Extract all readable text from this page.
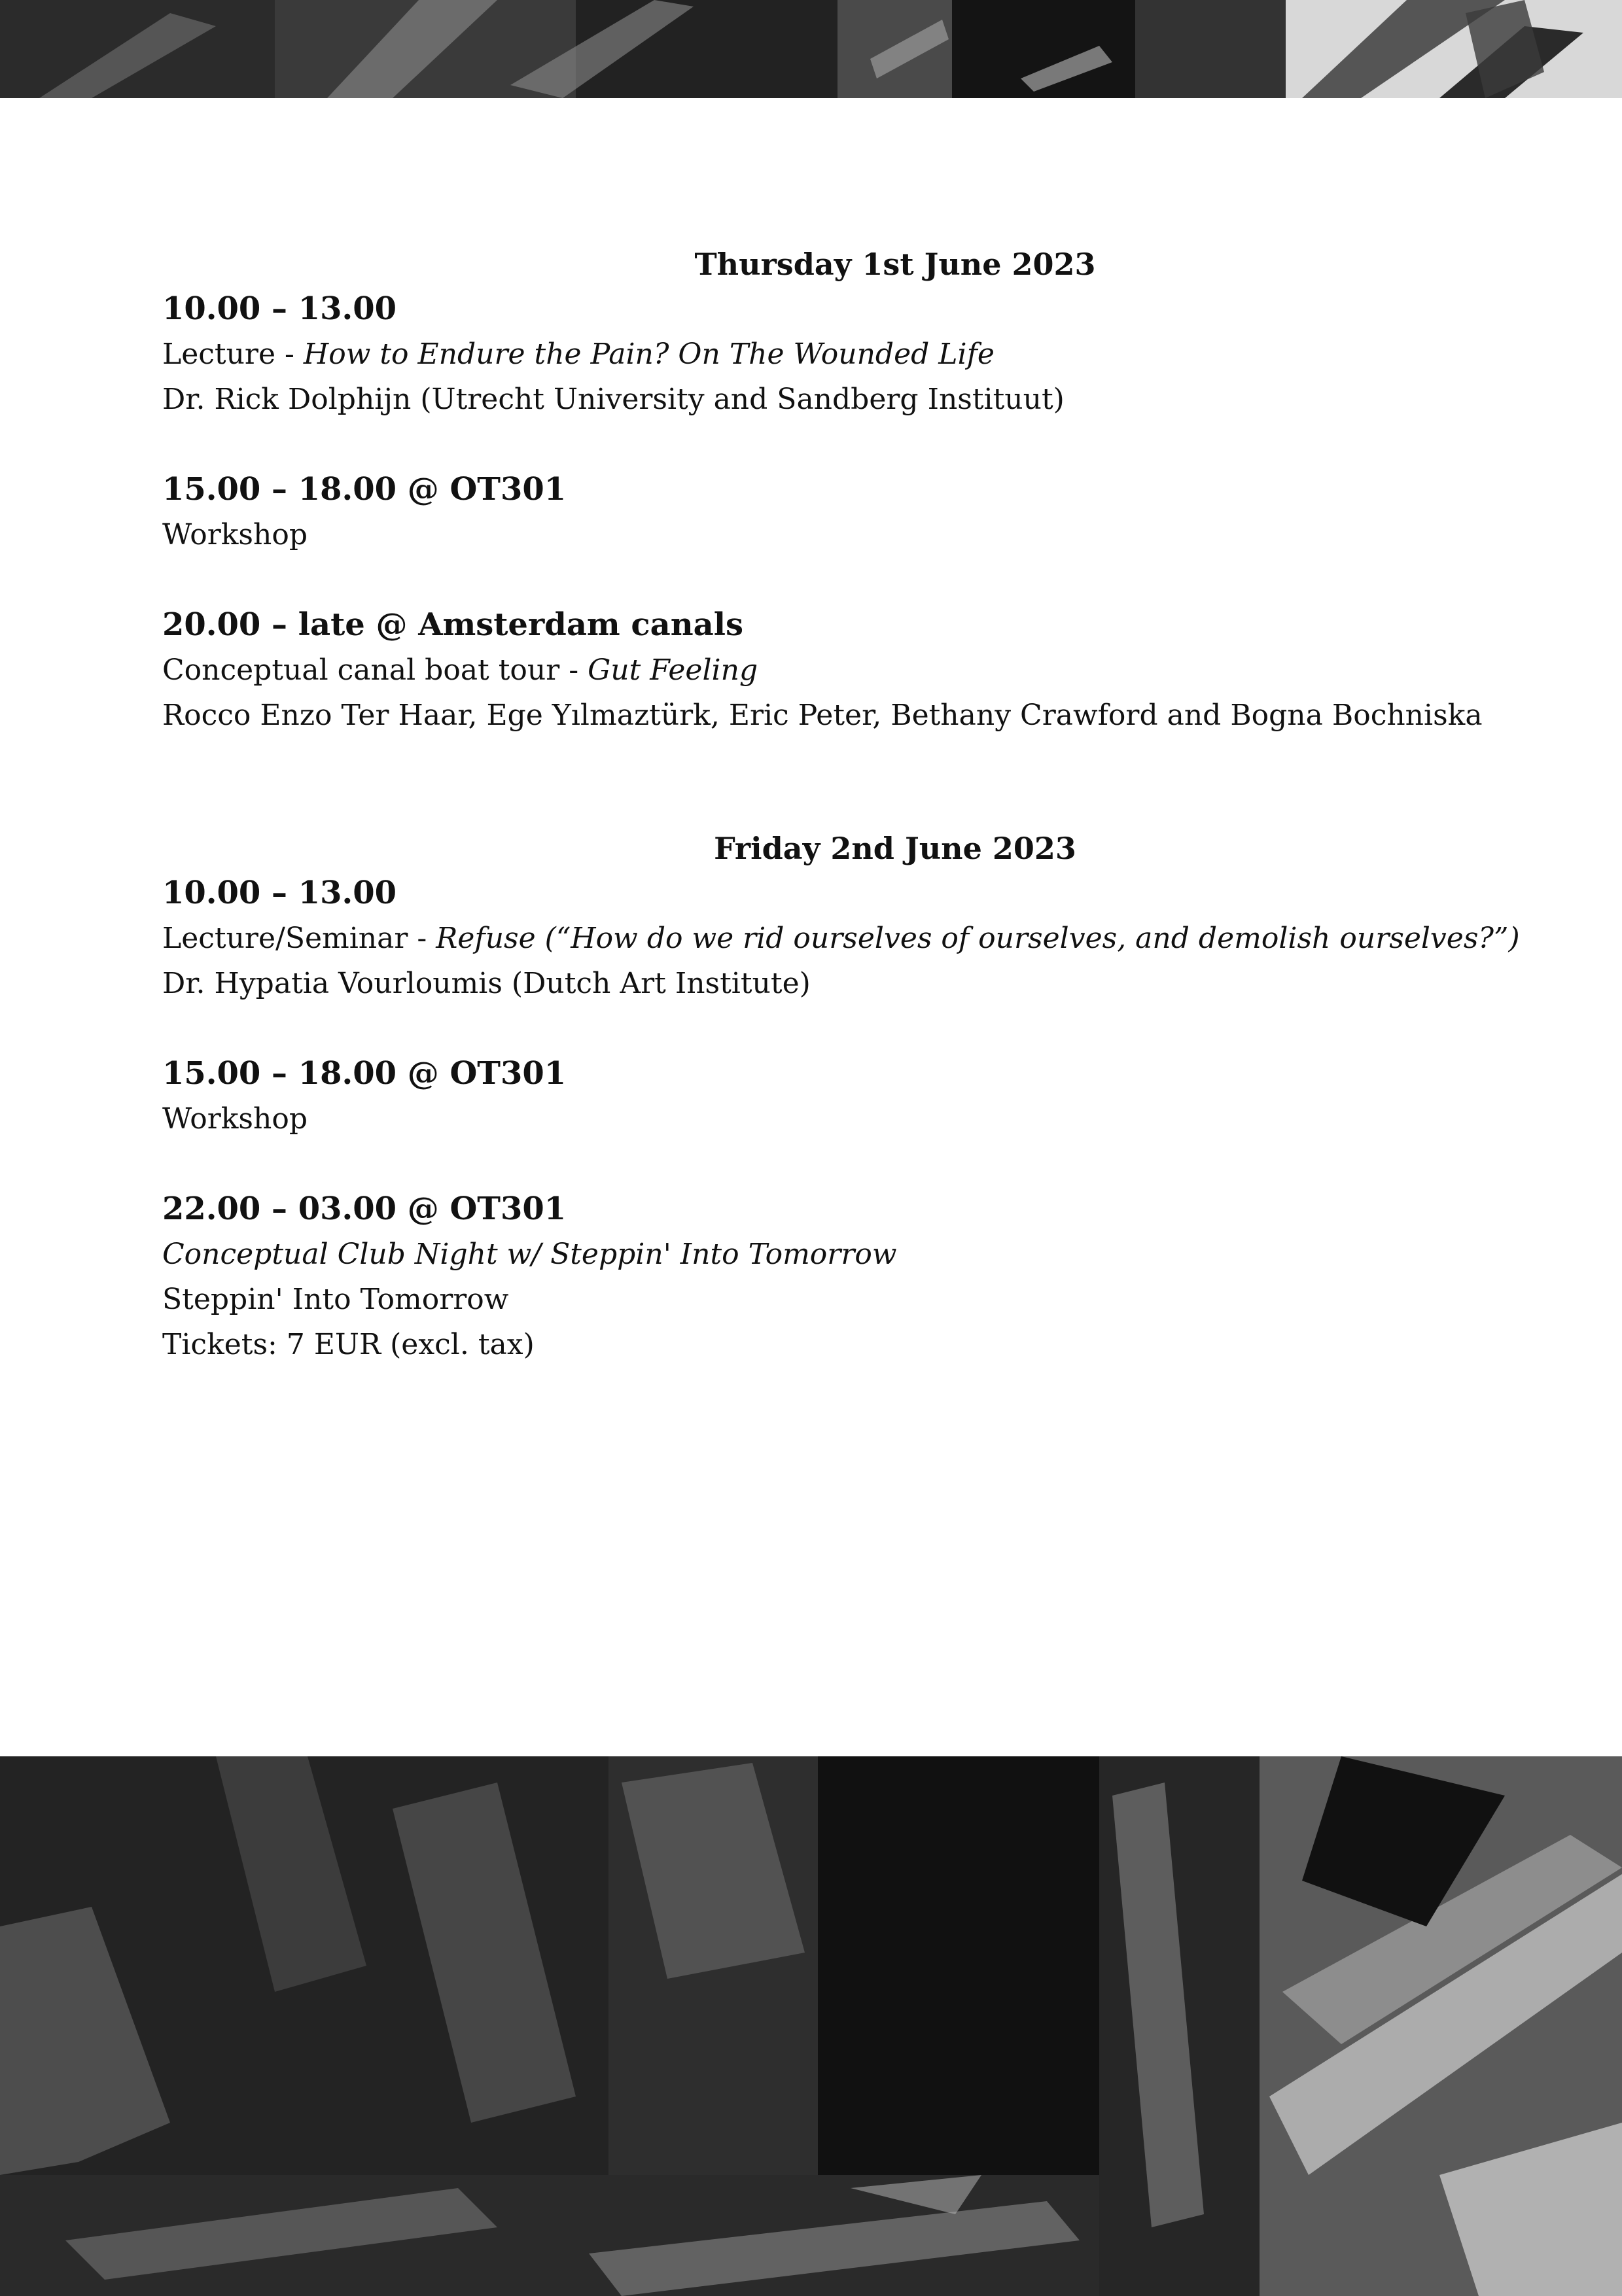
Thursday 1st June 2023
10.00 – 13.00
Lecture - How to Endure the Pain? On The Wounded Life
Dr. Rick Dolphijn (Utrecht University and Sandberg Instituut)
15.00 – 18.00 @ OT301
Workshop
20.00 – late @ Amsterdam canals
Conceptual canal boat tour - Gut Feeling
Rocco Enzo Ter Haar, Ege Yılmaztürk, Eric Peter, Bethany Crawford and Bogna Bochniska
Friday 2nd June 2023
10.00 – 13.00
Lecture/Seminar - Refuse (“How do we rid ourselves of ourselves, and demolish ourselves?”)
Dr. Hypatia Vourloumis (Dutch Art Institute)
15.00 – 18.00 @ OT301
Workshop
22.00 – 03.00 @ OT301
Conceptual Club Night w/ Steppin' Into Tomorrow
Steppin' Into Tomorrow
Tickets: 7 EUR (excl. tax)
